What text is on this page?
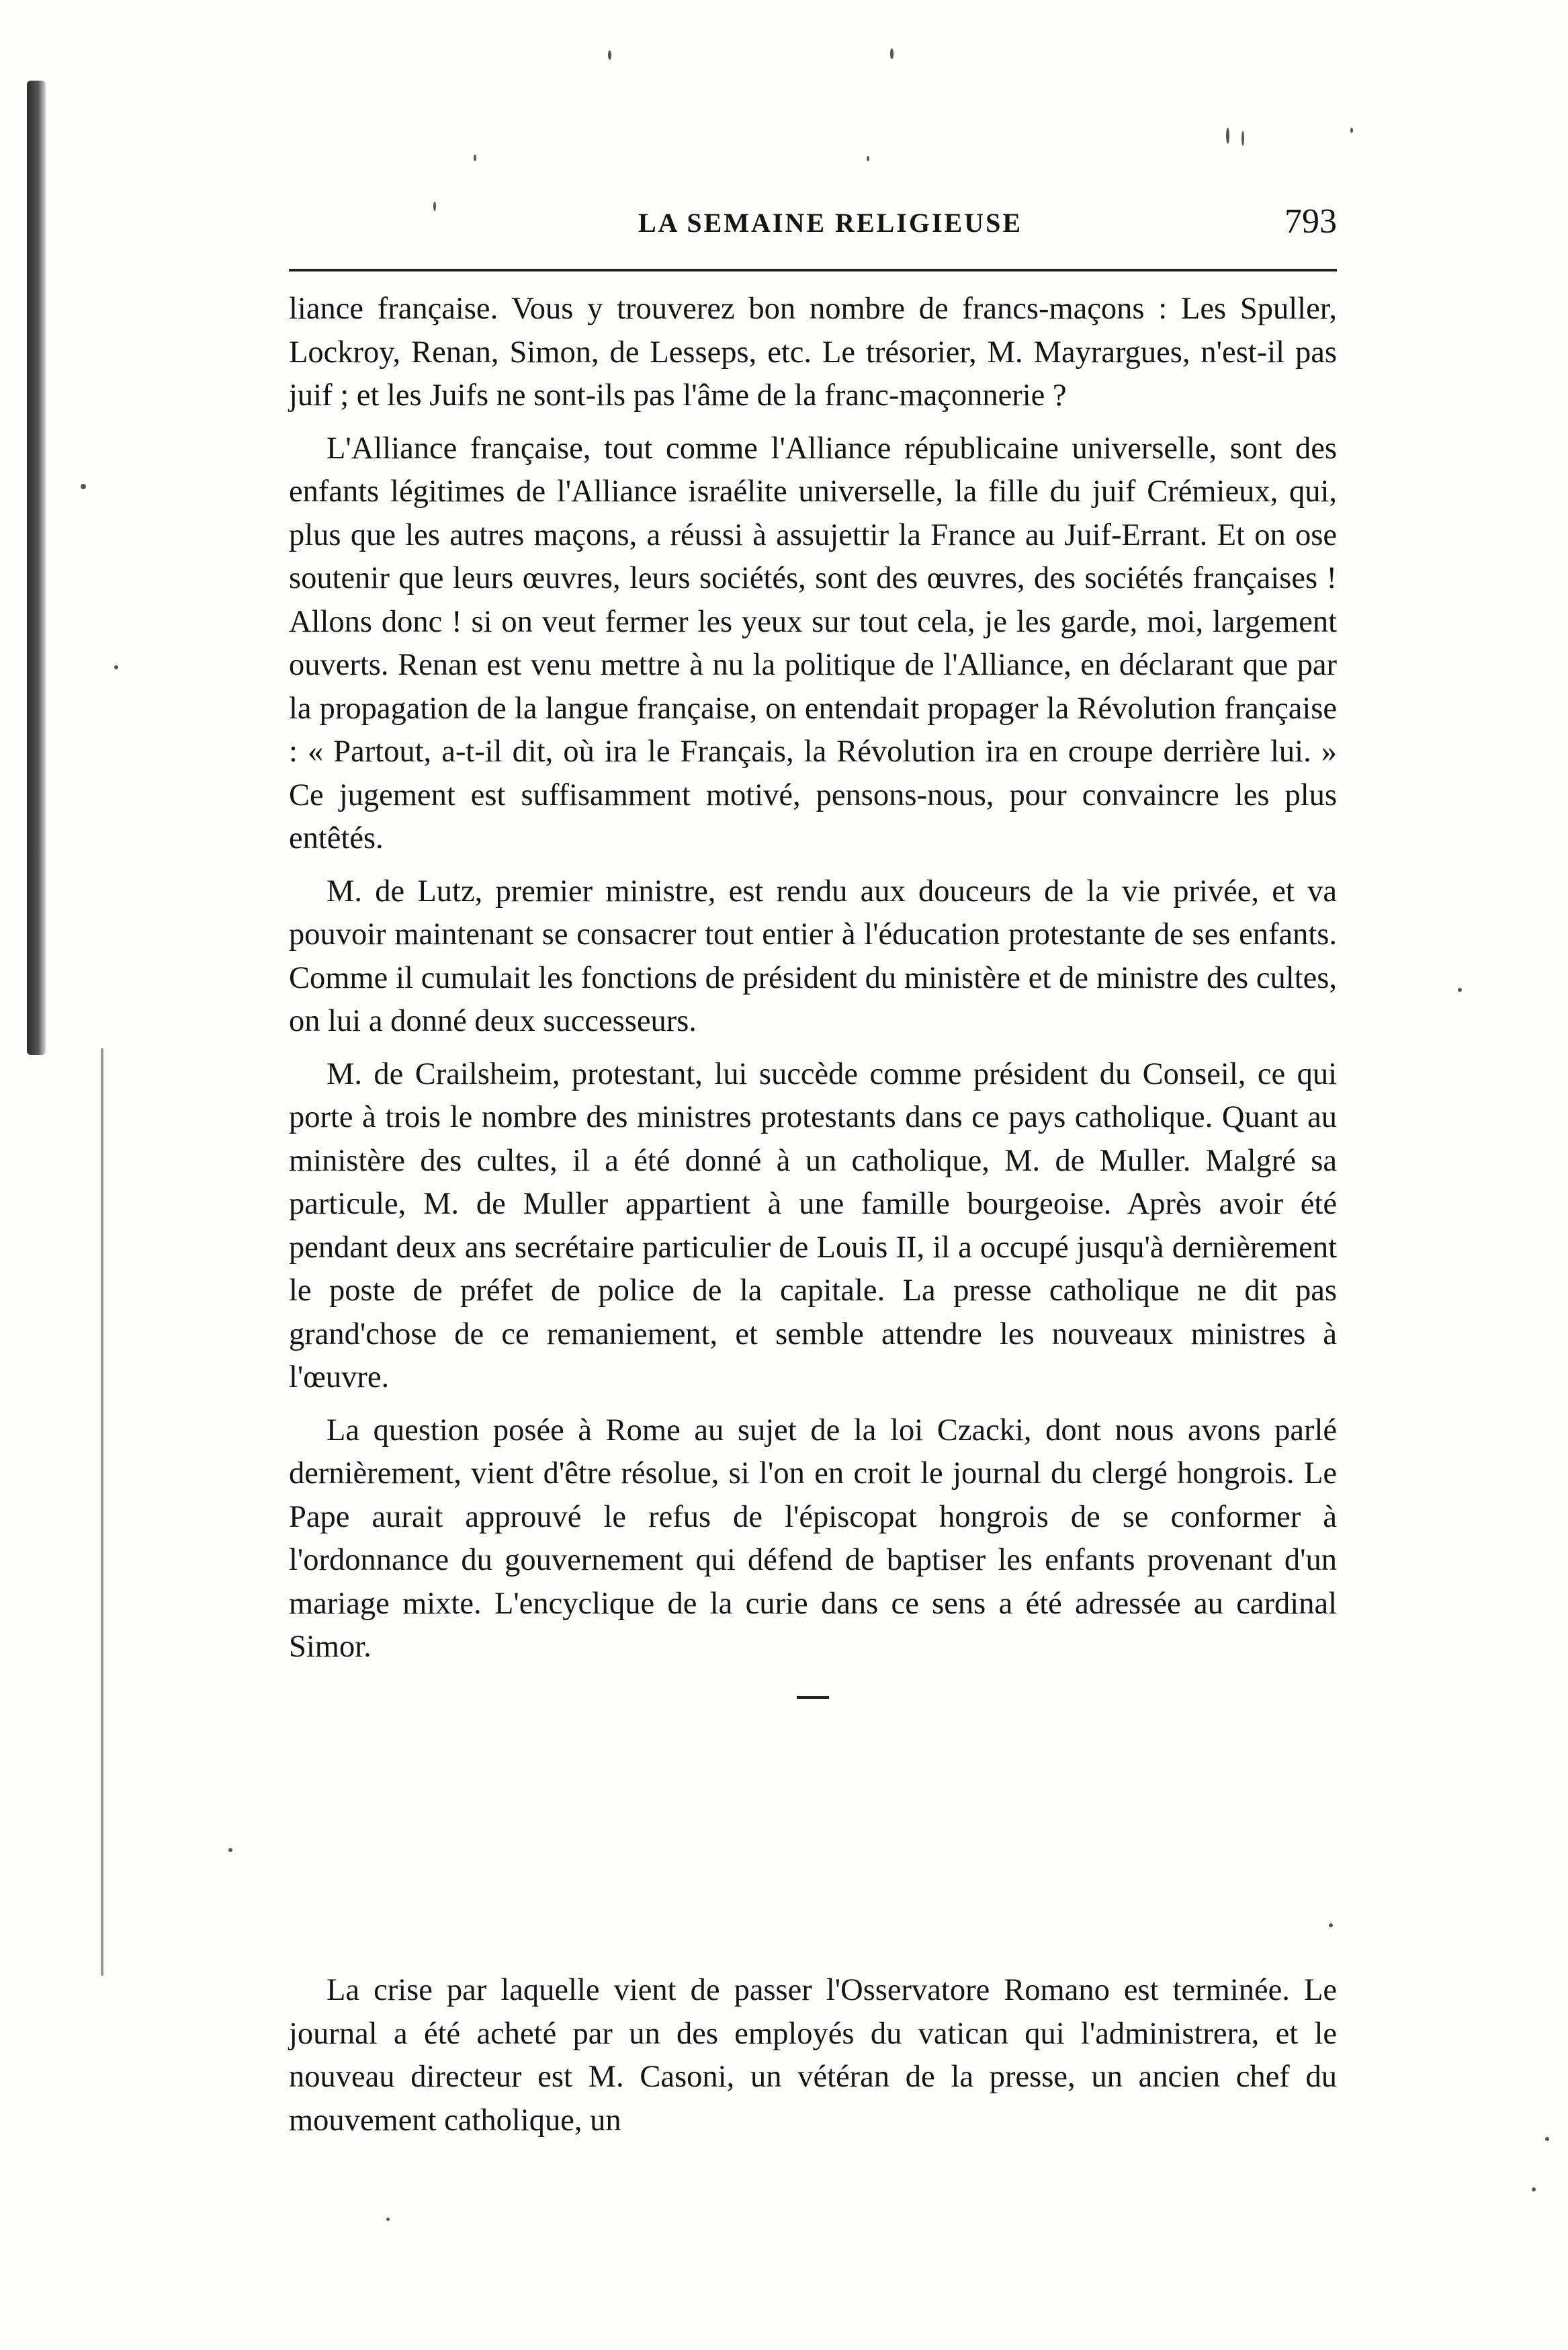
LA SEMAINE RELIGIEUSE	793

liance française. Vous y trouverez bon nombre de francs-maçons : Les Spuller, Lockroy, Renan, Simon, de Lesseps, etc. Le trésorier, M. Mayrargues, n'est-il pas juif ; et les Juifs ne sont-ils pas l'âme de la franc-maçonnerie ?

L'Alliance française, tout comme l'Alliance républicaine universelle, sont des enfants légitimes de l'Alliance israélite universelle, la fille du juif Crémieux, qui, plus que les autres maçons, a réussi à assujettir la France au Juif-Errant. Et on ose soutenir que leurs œuvres, leurs sociétés, sont des œuvres, des sociétés françaises ! Allons donc ! si on veut fermer les yeux sur tout cela, je les garde, moi, largement ouverts. Renan est venu mettre à nu la politique de l'Alliance, en déclarant que par la propagation de la langue française, on entendait propager la Révolution française : « Partout, a-t-il dit, où ira le Français, la Révolution ira en croupe derrière lui. » Ce jugement est suffisamment motivé, pensons-nous, pour convaincre les plus entêtés.

M. de Lutz, premier ministre, est rendu aux douceurs de la vie privée, et va pouvoir maintenant se consacrer tout entier à l'éducation protestante de ses enfants. Comme il cumulait les fonctions de président du ministère et de ministre des cultes, on lui a donné deux successeurs.

M. de Crailsheim, protestant, lui succède comme président du Conseil, ce qui porte à trois le nombre des ministres protestants dans ce pays catholique. Quant au ministère des cultes, il a été donné à un catholique, M. de Muller. Malgré sa particule, M. de Muller appartient à une famille bourgeoise. Après avoir été pendant deux ans secrétaire particulier de Louis II, il a occupé jusqu'à dernièrement le poste de préfet de police de la capitale. La presse catholique ne dit pas grand'chose de ce remaniement, et semble attendre les nouveaux ministres à l'œuvre.

La question posée à Rome au sujet de la loi Czacki, dont nous avons parlé dernièrement, vient d'être résolue, si l'on en croit le journal du clergé hongrois. Le Pape aurait approuvé le refus de l'épiscopat hongrois de se conformer à l'ordonnance du gouvernement qui défend de baptiser les enfants provenant d'un mariage mixte. L'encyclique de la curie dans ce sens a été adressée au cardinal Simor.

La crise par laquelle vient de passer l'Osservatore Romano est terminée. Le journal a été acheté par un des employés du vatican qui l'administrera, et le nouveau directeur est M. Casoni, un vétéran de la presse, un ancien chef du mouvement catholique, un
